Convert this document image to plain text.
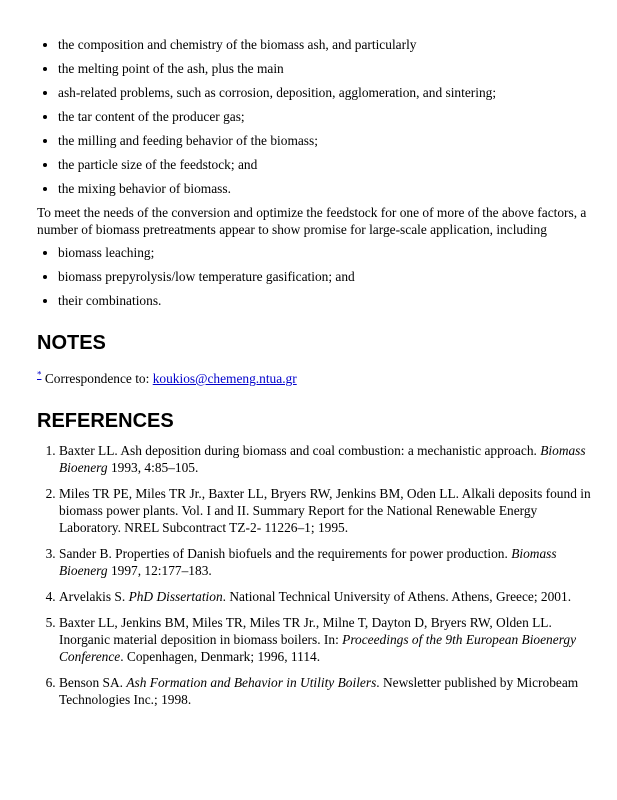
• the composition and chemistry of the biomass ash, and particularly
• the melting point of the ash, plus the main
• ash-related problems, such as corrosion, deposition, agglomeration, and sintering;
• the tar content of the producer gas;
• the milling and feeding behavior of the biomass;
• the particle size of the feedstock; and
• the mixing behavior of biomass.

To meet the needs of the conversion and optimize the feedstock for one of more of the above factors, a number of biomass pretreatments appear to show promise for large-scale application, including

• biomass leaching;
• biomass prepyrolysis/low temperature gasification; and
• their combinations.
NOTES

* Correspondence to: koukios@chemeng.ntua.gr

REFERENCES
1. Baxter LL. Ash deposition during biomass and coal combustion: a mechanistic approach. Biomass Bioenerg 1993, 4:85–105.
2. Miles TR PE, Miles TR Jr., Baxter LL, Bryers RW, Jenkins BM, Oden LL. Alkali deposits found in biomass power plants. Vol. I and II. Summary Report for the National Renewable Energy Laboratory. NREL Subcontract TZ-2- 11226–1; 1995.
3. Sander B. Properties of Danish biofuels and the requirements for power production. Biomass Bioenerg 1997, 12:177–183.
4. Arvelakis S. PhD Dissertation. National Technical University of Athens. Athens, Greece; 2001.
5. Baxter LL, Jenkins BM, Miles TR, Miles TR Jr., Milne T, Dayton D, Bryers RW, Olden LL. Inorganic material deposition in biomass boilers. In: Proceedings of the 9th European Bioenergy Conference. Copenhagen, Denmark; 1996, 1114.
6. Benson SA. Ash Formation and Behavior in Utility Boilers. Newsletter published by Microbeam Technologies Inc.; 1998.
